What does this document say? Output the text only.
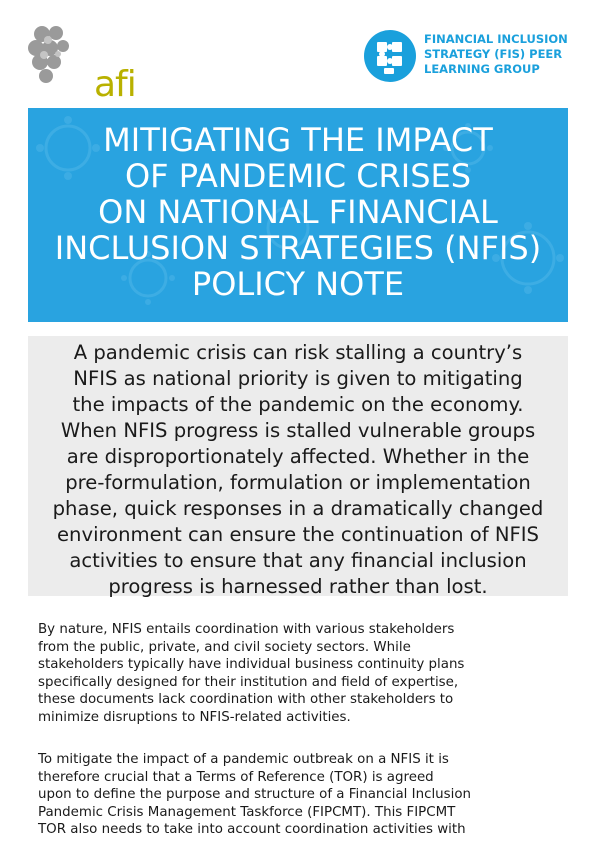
afi
FINANCIAL INCLUSION
STRATEGY (FIS) PEER
LEARNING GROUP
MITIGATING THE IMPACT
OF PANDEMIC CRISES
ON NATIONAL FINANCIAL
INCLUSION STRATEGIES (NFIS)
POLICY NOTE
A pandemic crisis can risk stalling a country’s
NFIS as national priority is given to mitigating
the impacts of the pandemic on the economy.
When NFIS progress is stalled vulnerable groups
are disproportionately affected. Whether in the
pre-formulation, formulation or implementation
phase, quick responses in a dramatically changed
environment can ensure the continuation of NFIS
activities to ensure that any financial inclusion
progress is harnessed rather than lost.
By nature, NFIS entails coordination with various stakeholders
from the public, private, and civil society sectors. While
stakeholders typically have individual business continuity plans
specifically designed for their institution and field of expertise,
these documents lack coordination with other stakeholders to
minimize disruptions to NFIS-related activities.
To mitigate the impact of a pandemic outbreak on a NFIS it is
therefore crucial that a Terms of Reference (TOR) is agreed
upon to define the purpose and structure of a Financial Inclusion
Pandemic Crisis Management Taskforce (FIPCMT). This FIPCMT
TOR also needs to take into account coordination activities with
